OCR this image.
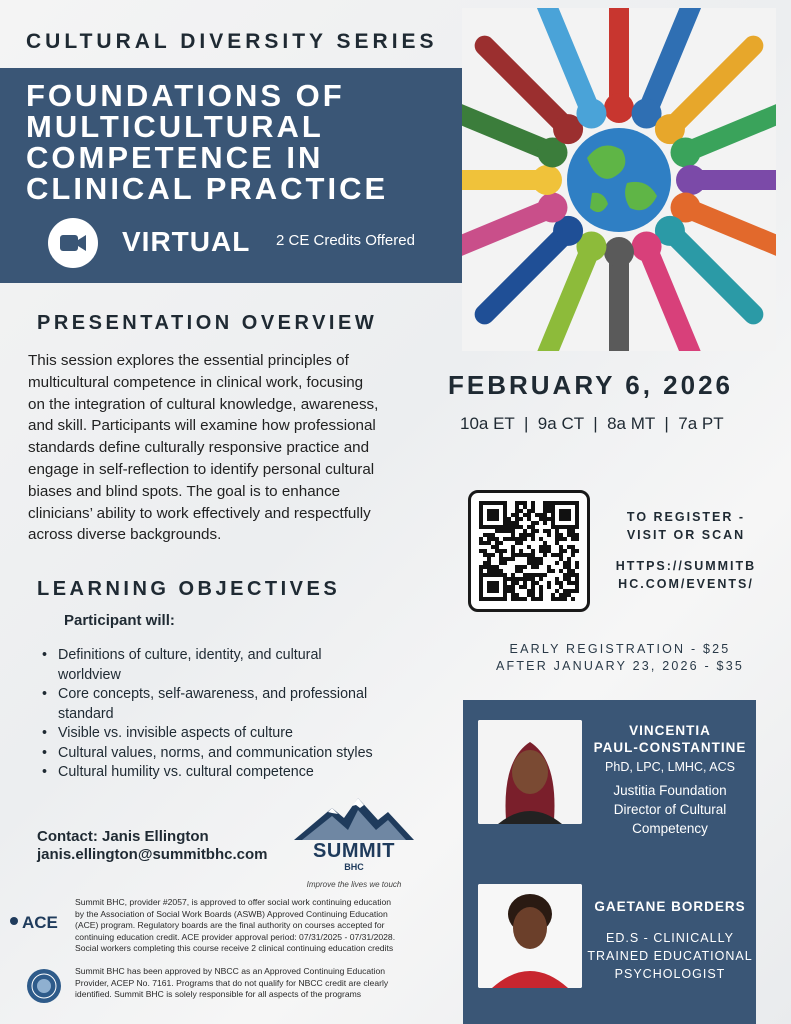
CULTURAL DIVERSITY SERIES
FOUNDATIONS OF
MULTICULTURAL
COMPETENCE IN
CLINICAL PRACTICE
VIRTUAL 2 CE Credits Offered
PRESENTATION OVERVIEW
This session explores the essential principles of
multicultural competence in clinical work, focusing
on the integration of cultural knowledge, awareness,
and skill. Participants will examine how professional
standards define culturally responsive practice and
engage in self-reflection to identify personal cultural
biases and blind spots. The goal is to enhance
clinicians’ ability to work effectively and respectfully
across diverse backgrounds.
FEBRUARY 6, 2026
10a ET  |  9a CT  |  8a MT  |  7a PT
TO REGISTER -
VISIT OR SCAN
HTTPS://SUMMITB
HC.COM/EVENTS/
EARLY REGISTRATION - $25
AFTER JANUARY 23, 2026 - $35
LEARNING OBJECTIVES
Participant will:
• Definitions of culture, identity, and cultural
worldview
• Core concepts, self-awareness, and professional
standard
• Visible vs. invisible aspects of culture
• Cultural values, norms, and communication styles
• Cultural humility vs. cultural competence
Contact: Janis Ellington
janis.ellington@summitbhc.com	SUMMIT
BHC
Improve the lives we touch
ACE
Summit BHC, provider #2057, is approved to offer social work continuing education
by the Association of Social Work Boards (ASWB) Approved Continuing Education
(ACE) program. Regulatory boards are the final authority on courses accepted for
continuing education credit. ACE provider approval period: 07/31/2025 - 07/31/2028.
Social workers completing this course receive 2 clinical continuing education credits
Summit BHC has been approved by NBCC as an Approved Continuing Education
Provider, ACEP No. 7161. Programs that do not qualify for NBCC credit are clearly
identified. Summit BHC is solely responsible for all aspects of the programs
VINCENTIA
PAUL-CONSTANTINE
PhD, LPC, LMHC, ACS
Justitia Foundation
Director of Cultural
Competency
GAETANE BORDERS
ED.S - CLINICALLY
TRAINED EDUCATIONAL
PSYCHOLOGIST
